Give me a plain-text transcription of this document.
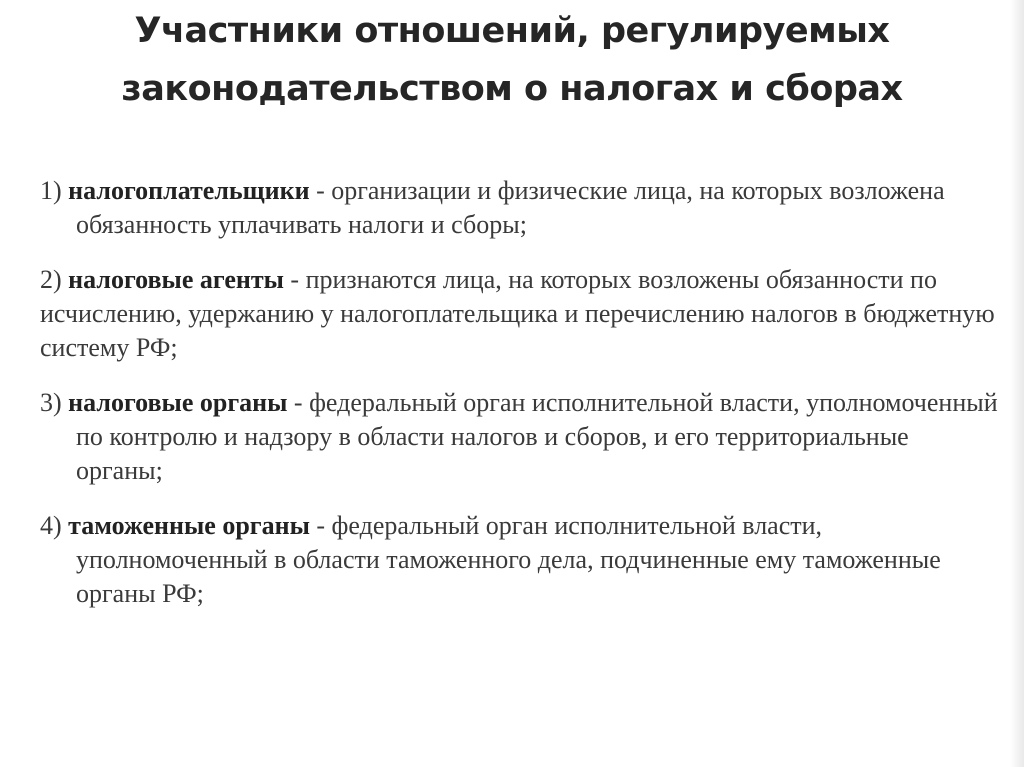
Участники отношений, регулируемых
законодательством о налогах и сборах

1) налогоплательщики - организации и физические лица, на которых возложена обязанность уплачивать налоги и сборы;

2) налоговые агенты - признаются лица, на которых возложены обязанности по исчислению, удержанию у налогоплательщика и перечислению налогов в бюджетную систему РФ;

3) налоговые органы - федеральный орган исполнительной власти, уполномоченный по контролю и надзору в области налогов и сборов, и его территориальные органы;

4) таможенные органы - федеральный орган исполнительной власти, уполномоченный в области таможенного дела, подчиненные ему таможенные органы РФ;
